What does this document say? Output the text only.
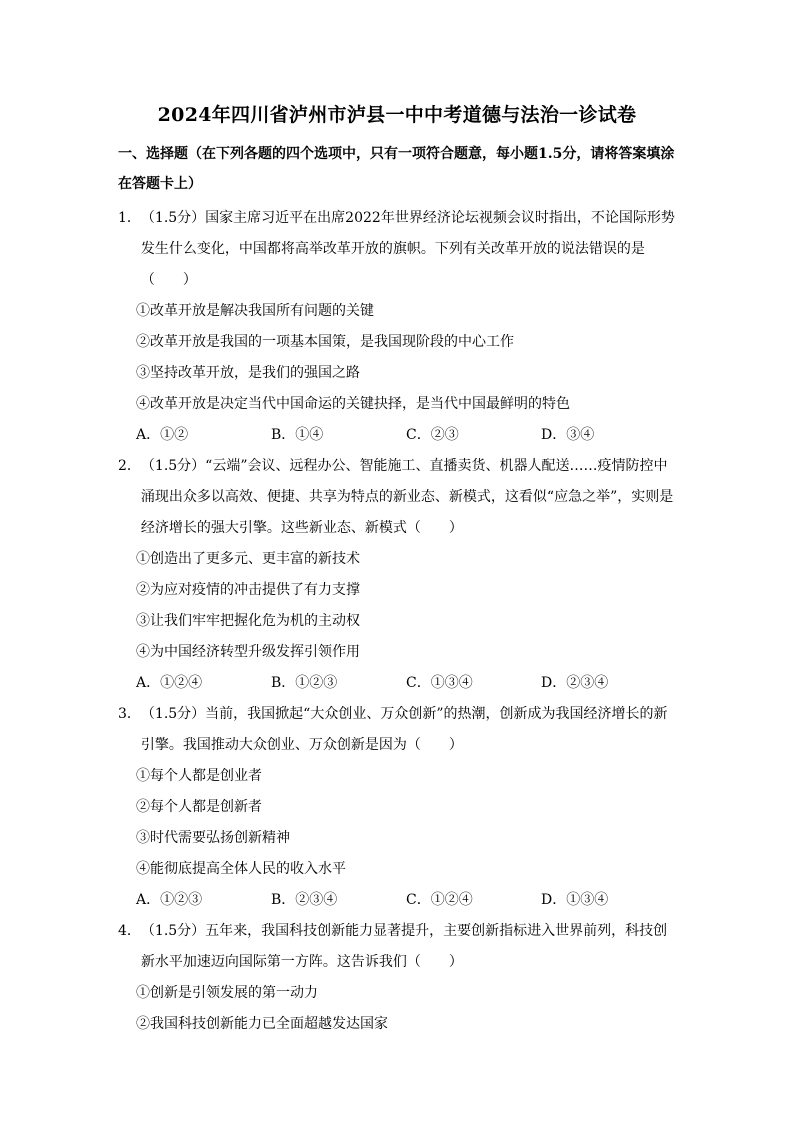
2024年四川省泸州市泸县一中中考道德与法治一诊试卷
一、选择题（在下列各题的四个选项中，只有一项符合题意，每小题1.5分，请将答案填涂在答题卡上）
1． （1.5分）国家主席习近平在出席2022年世界经济论坛视频会议时指出，不论国际形势发生什么变化，中国都将高举改革开放的旗帜。下列有关改革开放的说法错误的是（　　）
①改革开放是解决我国所有问题的关键
②改革开放是我国的一项基本国策，是我国现阶段的中心工作
③坚持改革开放，是我们的强国之路
④改革开放是决定当代中国命运的关键抉择，是当代中国最鲜明的特色
A．①②	B．①④	C．②③	D．③④
2． （1.5分）“云端”会议、远程办公、智能施工、直播卖货、机器人配送……疫情防控中涌现出众多以高效、便捷、共享为特点的新业态、新模式，这看似“应急之举”，实则是经济增长的强大引擎。这些新业态、新模式（　　）
①创造出了更多元、更丰富的新技术
②为应对疫情的冲击提供了有力支撑
③让我们牢牢把握化危为机的主动权
④为中国经济转型升级发挥引领作用
A．①②④	B．①②③	C．①③④	D．②③④
3． （1.5分）当前，我国掀起“大众创业、万众创新”的热潮，创新成为我国经济增长的新引擎。我国推动大众创业、万众创新是因为（　　）
①每个人都是创业者
②每个人都是创新者
③时代需要弘扬创新精神
④能彻底提高全体人民的收入水平
A．①②③	B．②③④	C．①②④	D．①③④
4． （1.5分）五年来，我国科技创新能力显著提升，主要创新指标进入世界前列，科技创新水平加速迈向国际第一方阵。这告诉我们（　　）
①创新是引领发展的第一动力
②我国科技创新能力已全面超越发达国家
